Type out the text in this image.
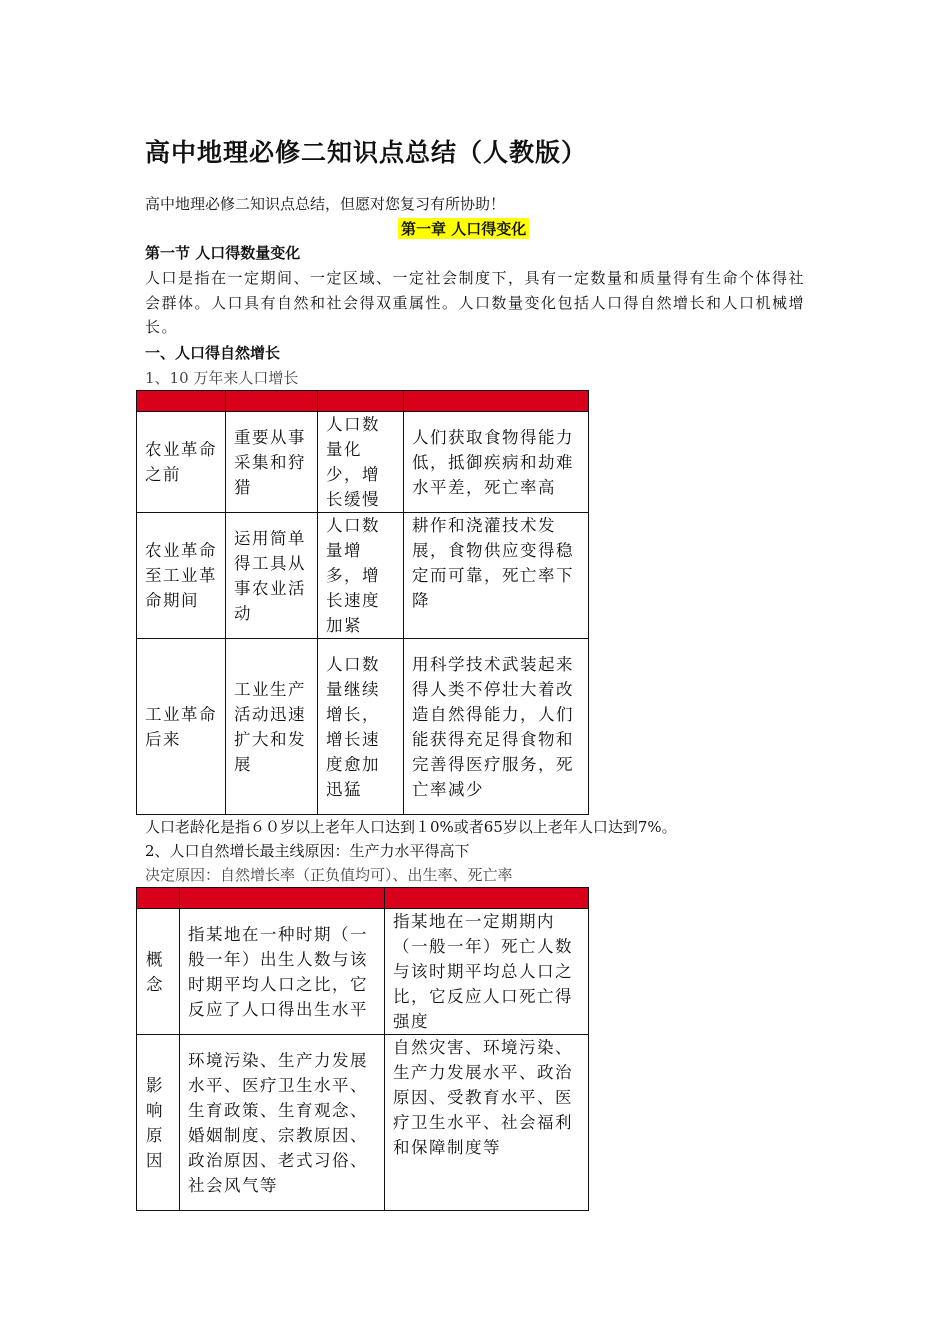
高中地理必修二知识点总结（人教版）
高中地理必修二知识点总结，但愿对您复习有所协助！
第一章 人口得变化
第一节 人口得数量变化
人口是指在一定期间、一定区域、一定社会制度下，具有一定数量和质量得有生命个体得社会群体。人口具有自然和社会得双重属性。人口数量变化包括人口得自然增长和人口机械增长。
一、人口得自然增长
1、10 万年来人口增长

农业革命之前	重要从事采集和狩猎	人口数量化少，增长缓慢	人们获取食物得能力低，抵御疾病和劫难水平差，死亡率高
农业革命至工业革命期间	运用简单得工具从事农业活动	人口数量增多，增长速度加紧	耕作和浇灌技术发展，食物供应变得稳定而可靠，死亡率下降
工业革命后来	工业生产活动迅速扩大和发展	人口数量继续增长，增长速度愈加迅猛	用科学技术武装起来得人类不停壮大着改造自然得能力，人们能获得充足得食物和完善得医疗服务，死亡率减少
人口老龄化是指６０岁以上老年人口达到１0%或者65岁以上老年人口达到7%。
2、人口自然增长最主线原因：生产力水平得高下
决定原因：自然增长率（正负值均可）、出生率、死亡率

概念	指某地在一种时期（一般一年）出生人数与该时期平均人口之比，它反应了人口得出生水平	指某地在一定期期内（一般一年）死亡人数与该时期平均总人口之比，它反应人口死亡得强度
影响原因	环境污染、生产力发展水平、医疗卫生水平、生育政策、生育观念、婚姻制度、宗教原因、政治原因、老式习俗、社会风气等	自然灾害、环境污染、生产力发展水平、政治原因、受教育水平、医疗卫生水平、社会福利和保障制度等
